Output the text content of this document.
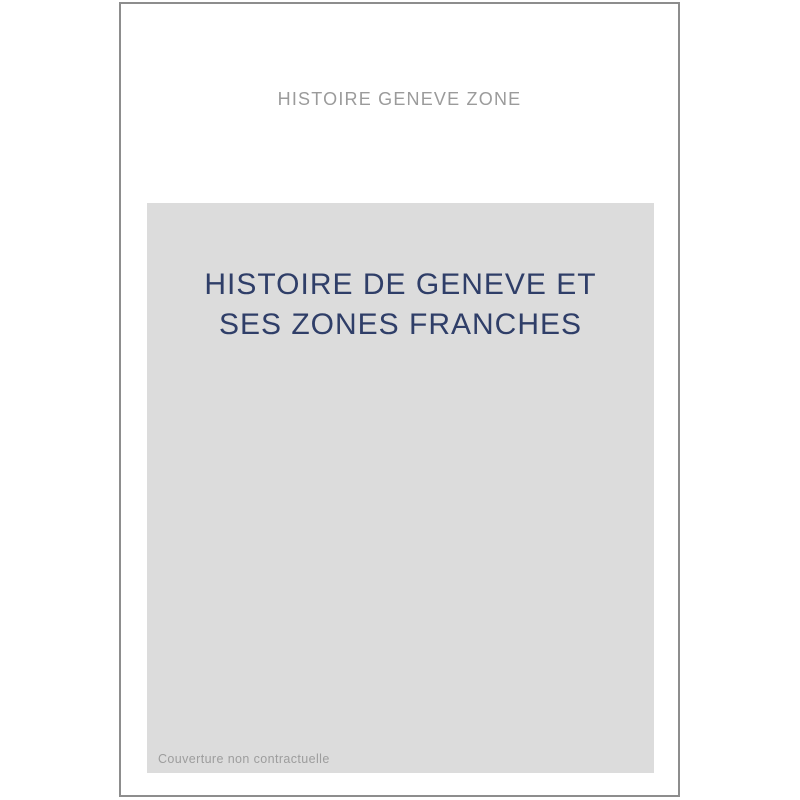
HISTOIRE GENEVE ZONE
HISTOIRE DE GENEVE ET
SES ZONES FRANCHES
Couverture non contractuelle
